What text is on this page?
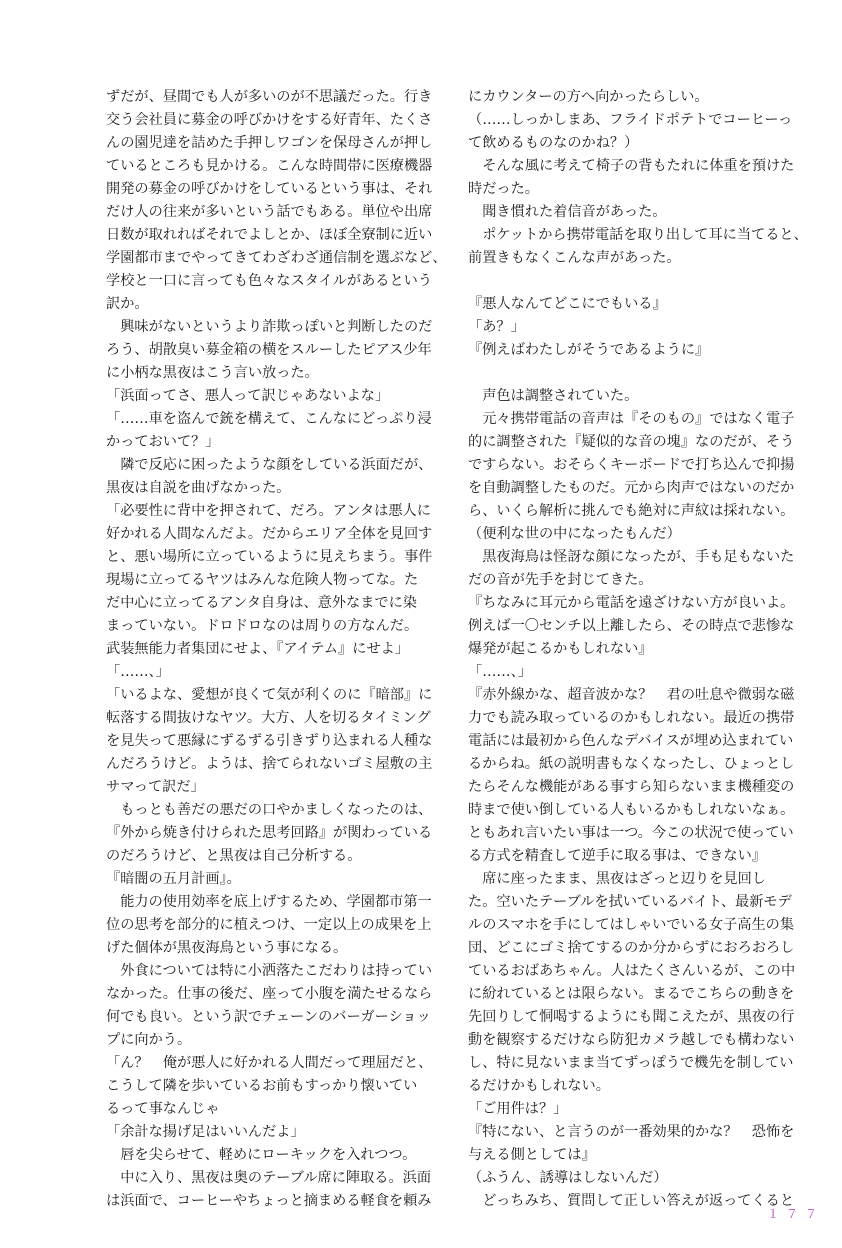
ずだが、昼間でも人が多いのが不思議だった。行き
交う会社員に募金の呼びかけをする好青年、たくさ
んの園児達を詰めた手押しワゴンを保母さんが押し
ているところも見かける。こんな時間帯に医療機器
開発の募金の呼びかけをしているという事は、それ
だけ人の往来が多いという話でもある。単位や出席
日数が取れればそれでよしとか、ほぼ全寮制に近い
学園都市までやってきてわざわざ通信制を選ぶなど、
学校と一口に言っても色々なスタイルがあるという
訳か。
　興味がないというより詐欺っぽいと判断したのだ
ろう、胡散臭い募金箱の横をスルーしたピアス少年
に小柄な黒夜はこう言い放った。
「浜面ってさ、悪人って訳じゃあないよな」
「……車を盗んで銃を構えて、こんなにどっぷり浸
かっておいて？」
　隣で反応に困ったような顔をしている浜面だが、
黒夜は自説を曲げなかった。
「必要性に背中を押されて、だろ。アンタは悪人に
好かれる人間なんだよ。だからエリア全体を見回す
と、悪い場所に立っているように見えちまう。事件
現場に立ってるヤツはみんな危険人物ってな。た
だ中心に立ってるアンタ自身は、意外なまでに染
まっていない。ドロドロなのは周りの方なんだ。
武装無能力者集団にせよ、『アイテム』にせよ」
「……、」
「いるよな、愛想が良くて気が利くのに『暗部』に
転落する間抜けなヤツ。大方、人を切るタイミング
を見失って悪縁にずるずる引きずり込まれる人種な
んだろうけど。ようは、捨てられないゴミ屋敷の主
サマって訳だ」
　もっとも善だの悪だの口やかましくなったのは、
『外から焼き付けられた思考回路』が関わっている
のだろうけど、と黒夜は自己分析する。
『暗闇の五月計画』。
　能力の使用効率を底上げするため、学園都市第一
位の思考を部分的に植えつけ、一定以上の成果を上
げた個体が黒夜海鳥という事になる。
　外食については特に小洒落たこだわりは持ってい
なかった。仕事の後だ、座って小腹を満たせるなら
何でも良い。という訳でチェーンのバーガーショッ
プに向かう。
「ん？　俺が悪人に好かれる人間だって理屈だと、
こうして隣を歩いているお前もすっかり懐いてい
るって事なんじゃ
「余計な揚げ足はいいんだよ」
　唇を尖らせて、軽めにローキックを入れつつ。
　中に入り、黒夜は奥のテーブル席に陣取る。浜面
は浜面で、コーヒーやちょっと摘まめる軽食を頼み
にカウンターの方へ向かったらしい。
（……しっかしまあ、フライドポテトでコーヒーっ
て飲めるものなのかね？）
　そんな風に考えて椅子の背もたれに体重を預けた
時だった。
　聞き慣れた着信音があった。
　ポケットから携帯電話を取り出して耳に当てると、
前置きもなくこんな声があった。
『悪人なんてどこにでもいる』
「あ？」
『例えばわたしがそうであるように』
　声色は調整されていた。
　元々携帯電話の音声は『そのもの』ではなく電子
的に調整された『疑似的な音の塊』なのだが、そう
ですらない。おそらくキーボードで打ち込んで抑揚
を自動調整したものだ。元から肉声ではないのだか
ら、いくら解析に挑んでも絶対に声紋は採れない。
（便利な世の中になったもんだ）
　黒夜海鳥は怪訝な顔になったが、手も足もないた
だの音が先手を封じてきた。
『ちなみに耳元から電話を遠ざけない方が良いよ。
例えば一〇センチ以上離したら、その時点で悲惨な
爆発が起こるかもしれない』
「……、」
『赤外線かな、超音波かな？　君の吐息や微弱な磁
力でも読み取っているのかもしれない。最近の携帯
電話には最初から色んなデバイスが埋め込まれてい
るからね。紙の説明書もなくなったし、ひょっとし
たらそんな機能がある事すら知らないまま機種変の
時まで使い倒している人もいるかもしれないなぁ。
ともあれ言いたい事は一つ。今この状況で使ってい
る方式を精査して逆手に取る事は、できない』
　席に座ったまま、黒夜はざっと辺りを見回し
た。空いたテーブルを拭いているバイト、最新モデ
ルのスマホを手にしてはしゃいでいる女子高生の集
団、どこにゴミ捨てするのか分からずにおろおろし
ているおばあちゃん。人はたくさんいるが、この中
に紛れているとは限らない。まるでこちらの動きを
先回りして恫喝するようにも聞こえたが、黒夜の行
動を観察するだけなら防犯カメラ越しでも構わない
し、特に見ないまま当てずっぽうで機先を制してい
るだけかもしれない。
「ご用件は？」
『特にない、と言うのが一番効果的かな？　恐怖を
与える側としては』
（ふうん、誘導はしないんだ）
　どっちみち、質問して正しい答えが返ってくると
１７７
